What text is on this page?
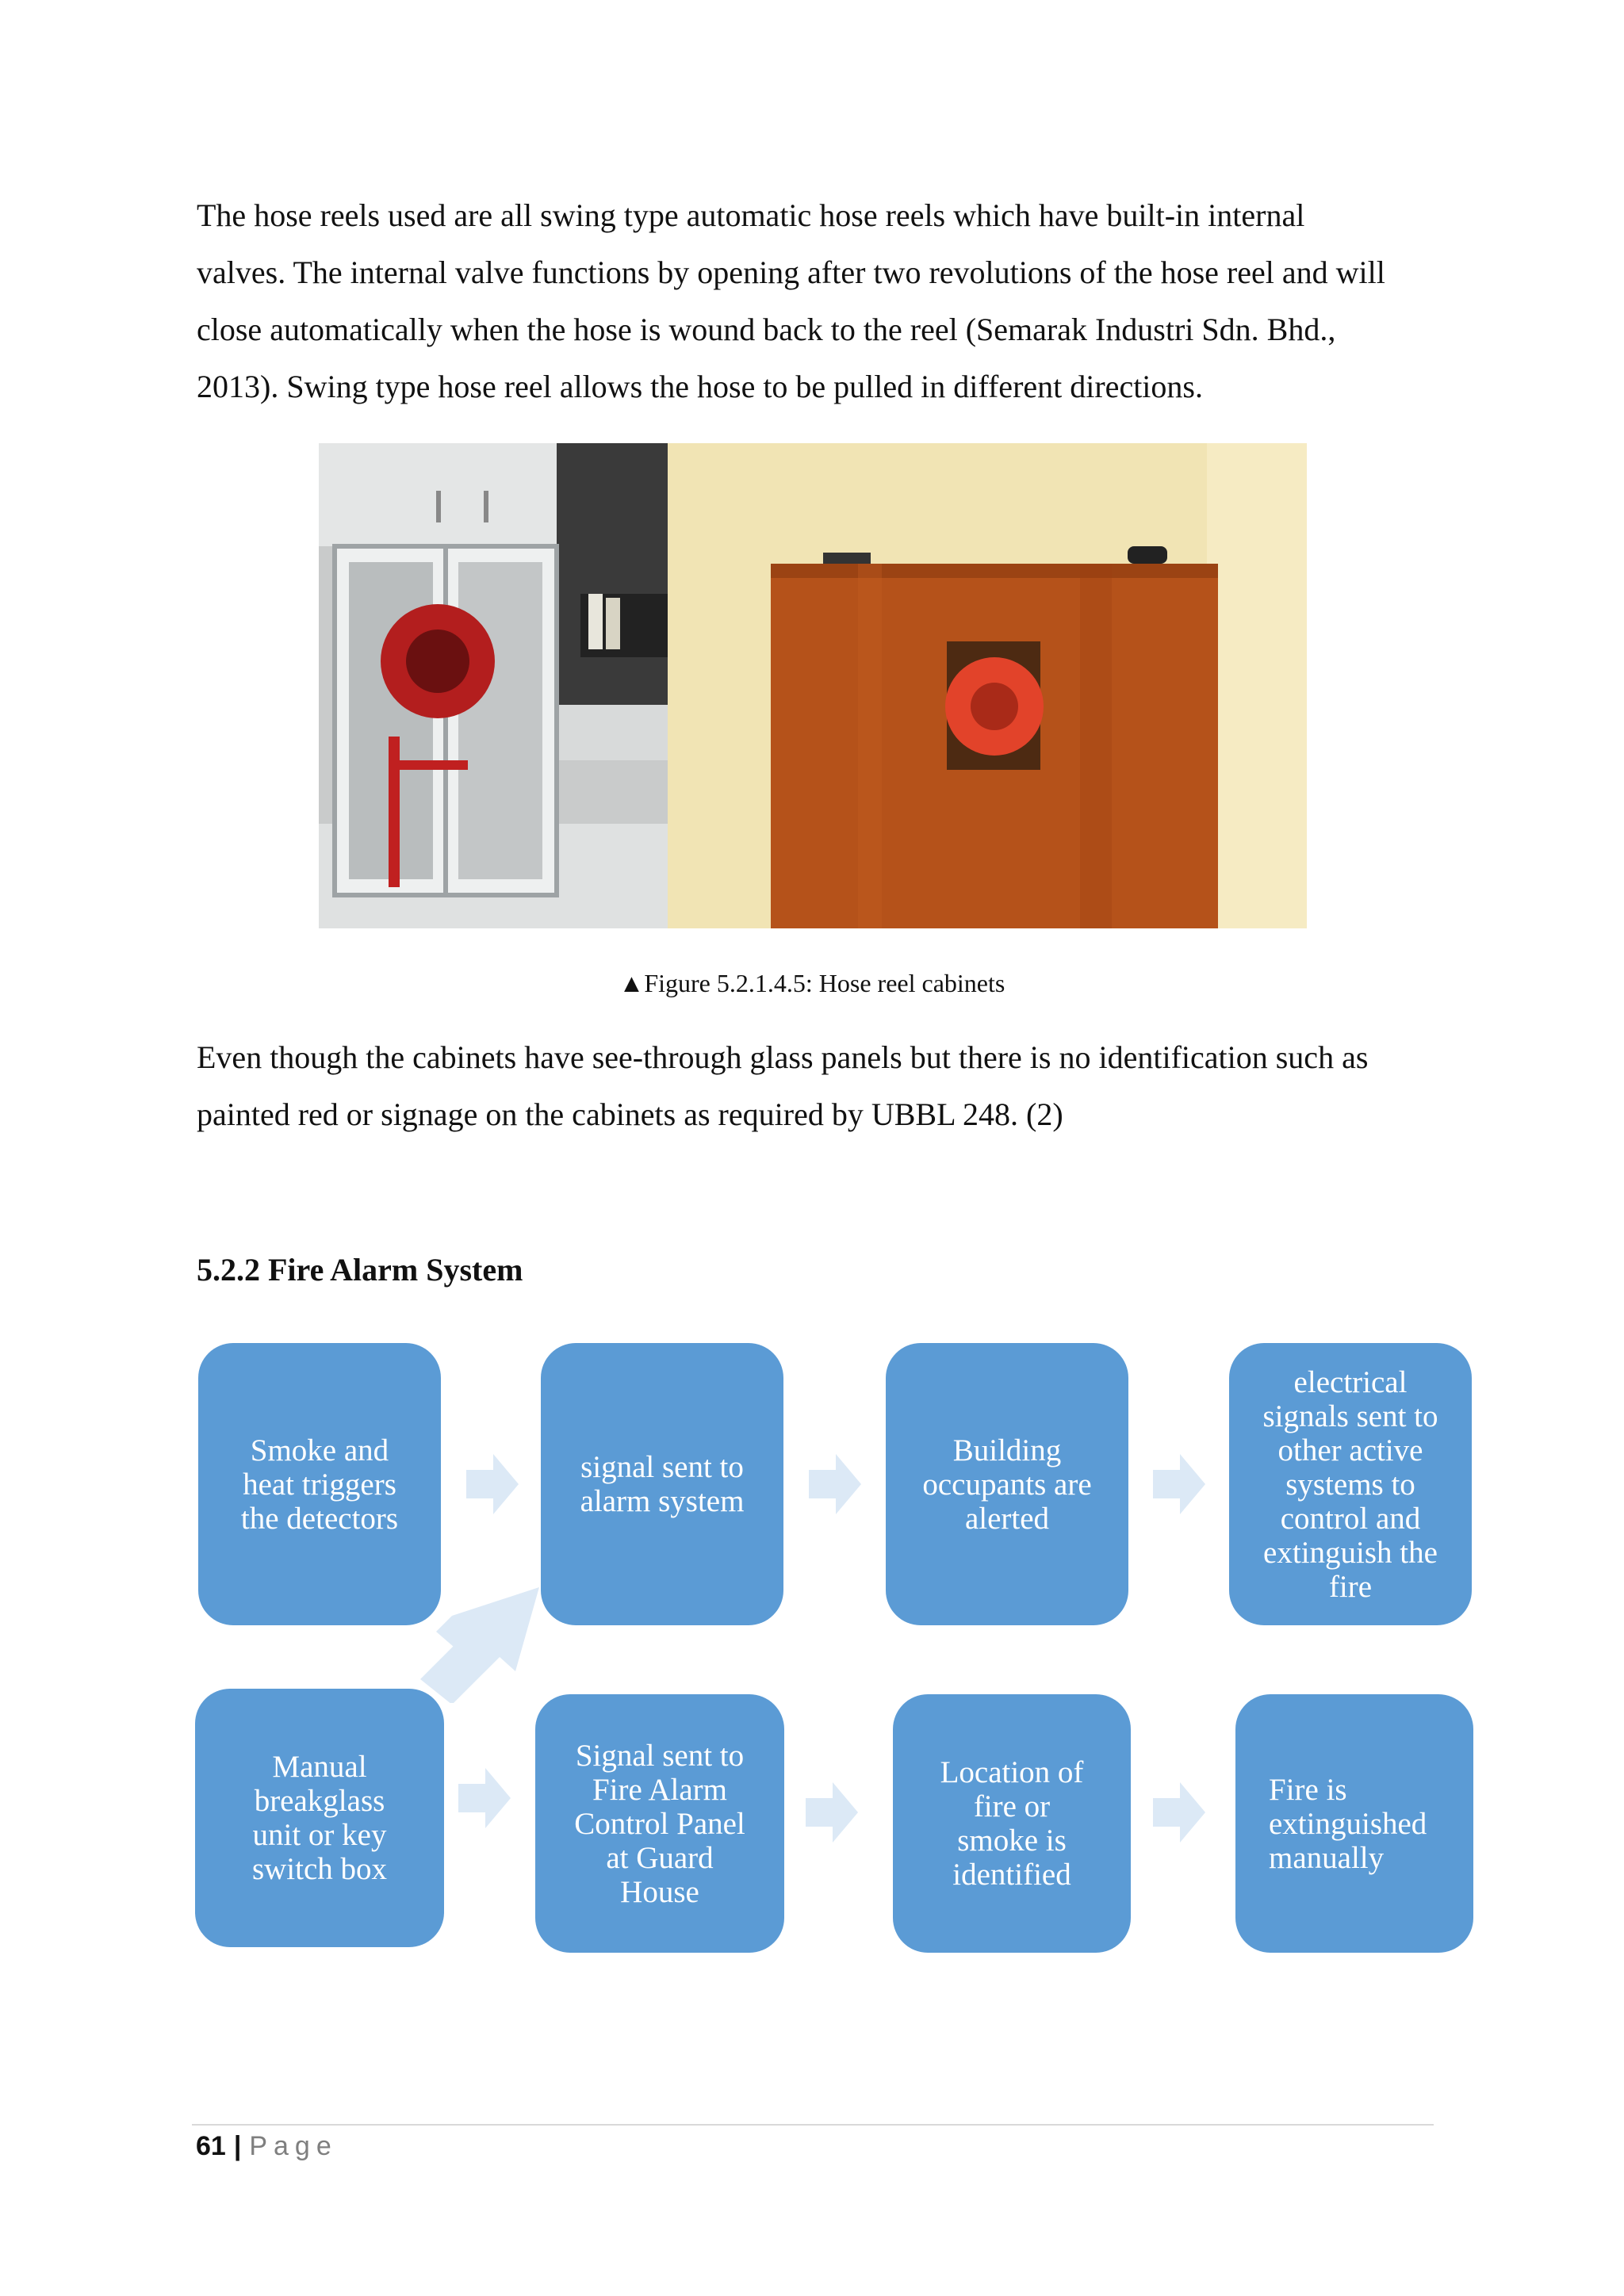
The hose reels used are all swing type automatic hose reels which have built-in internal
valves. The internal valve functions by opening after two revolutions of the hose reel and will
close automatically when the hose is wound back to the reel (Semarak Industri Sdn. Bhd.,
2013). Swing type hose reel allows the hose to be pulled in different directions.
▲Figure 5.2.1.4.5: Hose reel cabinets
Even though the cabinets have see-through glass panels but there is no identification such as
painted red or signage on the cabinets as required by UBBL 248. (2)
5.2.2 Fire Alarm System
Smoke and
heat triggers
the detectors
signal sent to
alarm system
Building
occupants are
alerted
electrical
signals sent to
other active
systems to
control and
extinguish the
fire
Manual
breakglass
unit or key
switch box
Signal sent to
Fire Alarm
Control Panel
at Guard
House
Location of
fire or
smoke is
identified
Fire is
extinguished
manually
61 | Page
